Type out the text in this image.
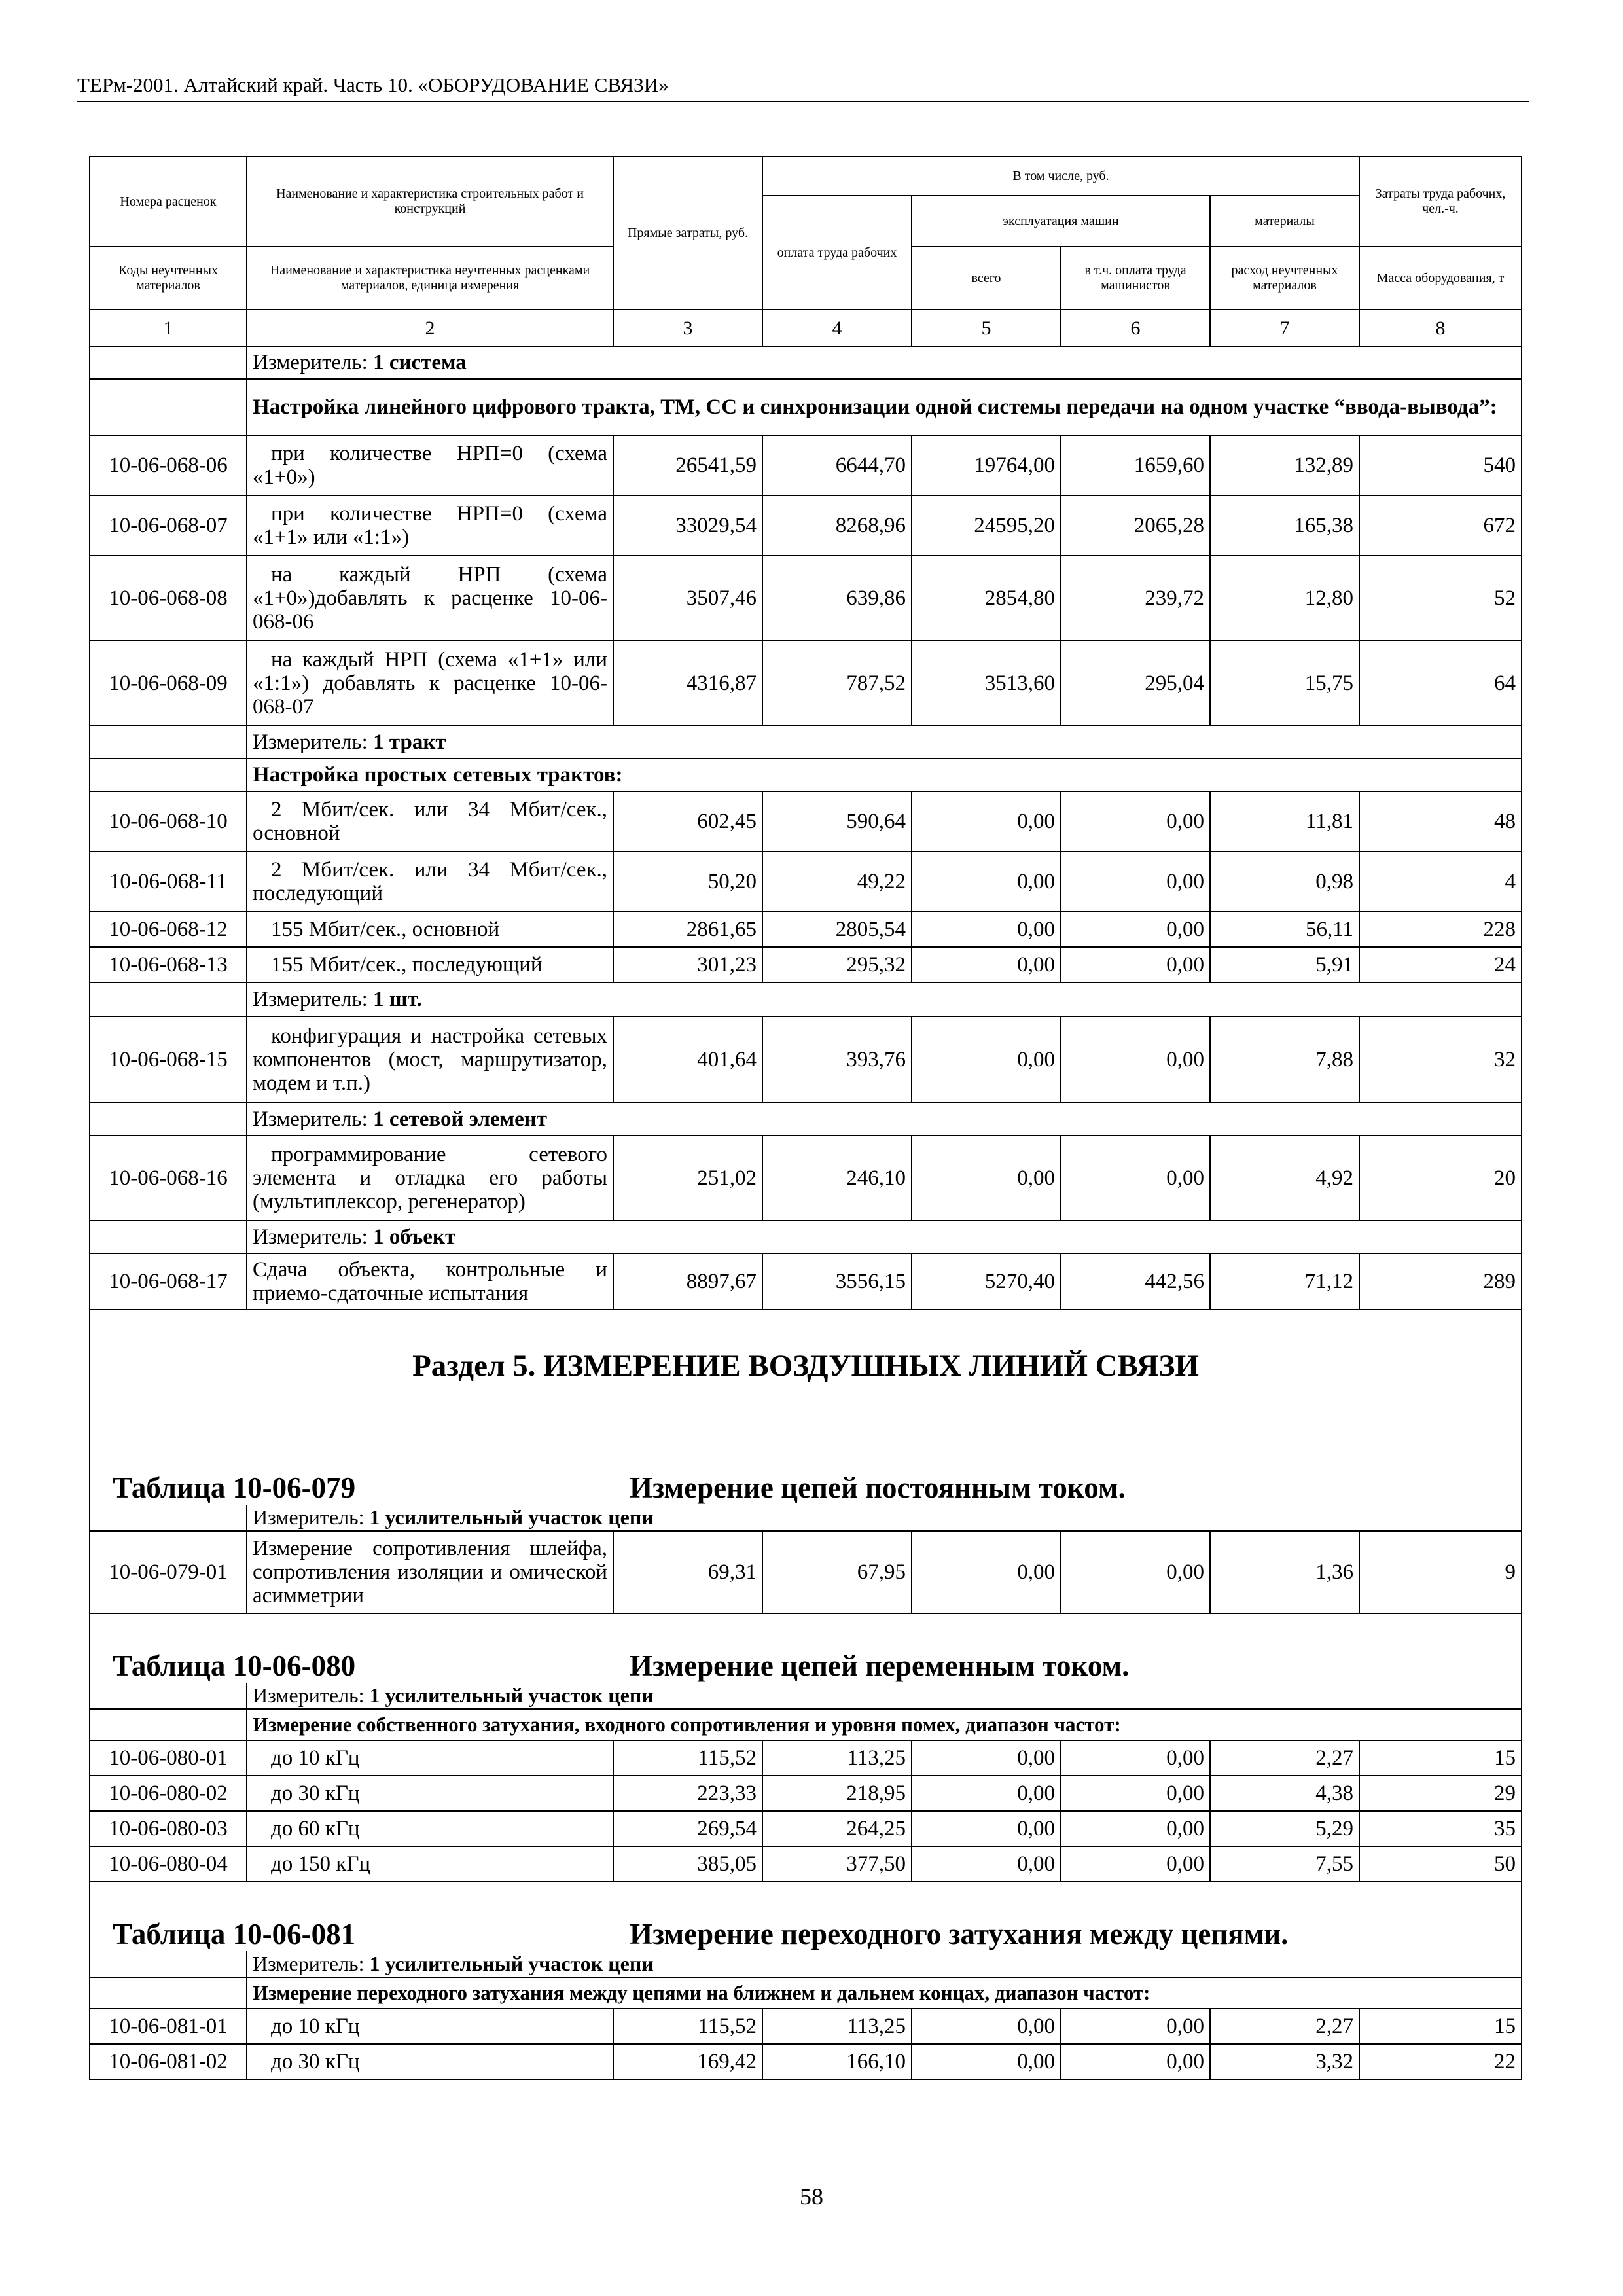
ТЕРм-2001. Алтайский край. Часть 10. «ОБОРУДОВАНИЕ СВЯЗИ»
Номера расценок	Наименование и характеристика строительных работ и конструкций	Прямые затраты, руб.	В том числе, руб.				Затраты труда рабочих, чел.-ч.
			оплата труда рабочих	эксплуатация машин		материалы	
Коды неучтенных материалов	Наименование и характеристика неучтенных расценками материалов, единица измерения			всего	в т.ч. оплата труда машинистов	расход неучтенных материалов	Масса оборудования, т
1	2	3	4	5	6	7	8
	Измеритель: 1 система						
	Настройка линейного цифрового тракта, ТМ, СС и синхронизации одной системы передачи на одном участке “ввода-вывода”:						
10-06-068-06	при количестве НРП=0 (схема «1+0»)	26541,59	6644,70	19764,00	1659,60	132,89	540
10-06-068-07	при количестве НРП=0 (схема «1+1» или «1:1»)	33029,54	8268,96	24595,20	2065,28	165,38	672
10-06-068-08	на каждый НРП (схема «1+0»)добавлять к расценке 10-06-068-06	3507,46	639,86	2854,80	239,72	12,80	52
10-06-068-09	на каждый НРП (схема «1+1» или «1:1») добавлять к расценке 10-06-068-07	4316,87	787,52	3513,60	295,04	15,75	64
	Измеритель: 1 тракт						
	Настройка простых сетевых трактов:						
10-06-068-10	2 Мбит/сек. или 34 Мбит/сек., основной	602,45	590,64	0,00	0,00	11,81	48
10-06-068-11	2 Мбит/сек. или 34 Мбит/сек., последующий	50,20	49,22	0,00	0,00	0,98	4
10-06-068-12	155 Мбит/сек., основной	2861,65	2805,54	0,00	0,00	56,11	228
10-06-068-13	155 Мбит/сек., последующий	301,23	295,32	0,00	0,00	5,91	24
	Измеритель: 1 шт.						
10-06-068-15	конфигурация и настройка сетевых компонентов (мост, маршрутизатор, модем и т.п.)	401,64	393,76	0,00	0,00	7,88	32
	Измеритель: 1 сетевой элемент						
10-06-068-16	программирование сетевого элемента и отладка его работы (мультиплексор, регенератор)	251,02	246,10	0,00	0,00	4,92	20
	Измеритель: 1 объект						
10-06-068-17	Сдача объекта, контрольные и приемо-сдаточные испытания	8897,67	3556,15	5270,40	442,56	71,12	289
Раздел 5. ИЗМЕРЕНИЕ ВОЗДУШНЫХ ЛИНИЙ СВЯЗИ							
Таблица 10-06-079 Измерение цепей постоянным током.							
	Измеритель: 1 усилительный участок цепи						
10-06-079-01	Измерение сопротивления шлейфа, сопротивления изоляции и омической асимметрии	69,31	67,95	0,00	0,00	1,36	9
Таблица 10-06-080 Измерение цепей переменным током.							
	Измеритель: 1 усилительный участок цепи						
	Измерение собственного затухания, входного сопротивления и уровня помех, диапазон частот:						
10-06-080-01	до 10 кГц	115,52	113,25	0,00	0,00	2,27	15
10-06-080-02	до 30 кГц	223,33	218,95	0,00	0,00	4,38	29
10-06-080-03	до 60 кГц	269,54	264,25	0,00	0,00	5,29	35
10-06-080-04	до 150 кГц	385,05	377,50	0,00	0,00	7,55	50
Таблица 10-06-081 Измерение переходного затухания между цепями.							
	Измеритель: 1 усилительный участок цепи						
	Измерение переходного затухания между цепями на ближнем и дальнем концах, диапазон частот:						
10-06-081-01	до 10 кГц	115,52	113,25	0,00	0,00	2,27	15
10-06-081-02	до 30 кГц	169,42	166,10	0,00	0,00	3,32	22
58
